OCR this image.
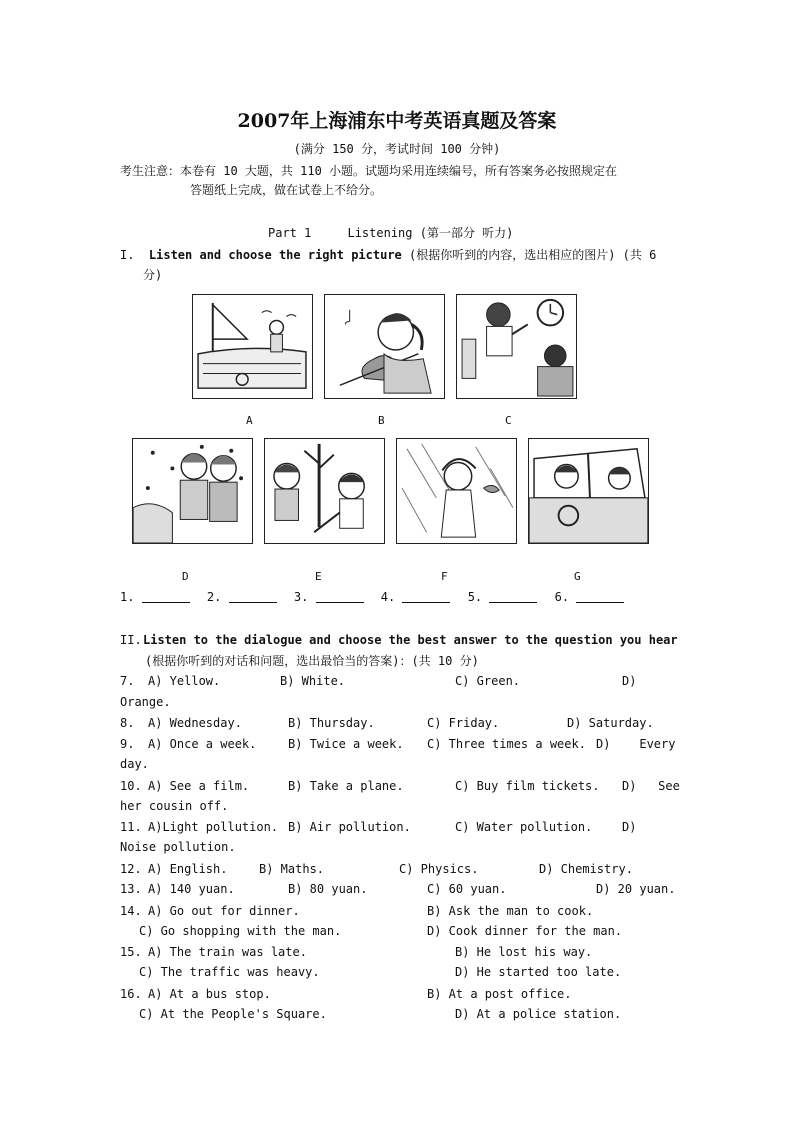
2007年上海浦东中考英语真题及答案
(满分 150 分，考试时间 100 分钟)
考生注意：本卷有 10 大题，共 110 小题。试题均采用连续编号，所有答案务必按照规定在
答题纸上完成，做在试卷上不给分。
Part 1     Listening (第一部分 听力)
I. Listen and choose the right picture (根据你听到的内容，选出相应的图片) (共 6
分)
A	B	C
D	E	F	G
1.	2.	3.	4.	5.	6.
II. Listen to the dialogue and choose the best answer to the question you hear
(根据你听到的对话和问题，选出最恰当的答案)：(共 10 分)
7. A) Yellow.	B) White.	C) Green.	D)
Orange.
8. A) Wednesday.	B) Thursday.	C) Friday.	D) Saturday.
9. A) Once a week.	B) Twice a week. C) Three times a week. D)    Every
day.
10. A) See a film.	B) Take a plane.	C) Buy film tickets. D)   See
her cousin off.
11. A)Light pollution. B) Air pollution.	C) Water pollution. D)
Noise pollution.
12. A) English.	B) Maths.	C) Physics.	D) Chemistry.
13. A) 140 yuan.	B) 80 yuan.	C) 60 yuan.	D) 20 yuan.
14. A) Go out for dinner.	B) Ask the man to cook.
C) Go shopping with the man.	D) Cook dinner for the man.
15. A) The train was late.	B) He lost his way.
C) The traffic was heavy.	D) He started too late.
16. A) At a bus stop.	B) At a post office.
C) At the People's Square.	D) At a police station.
